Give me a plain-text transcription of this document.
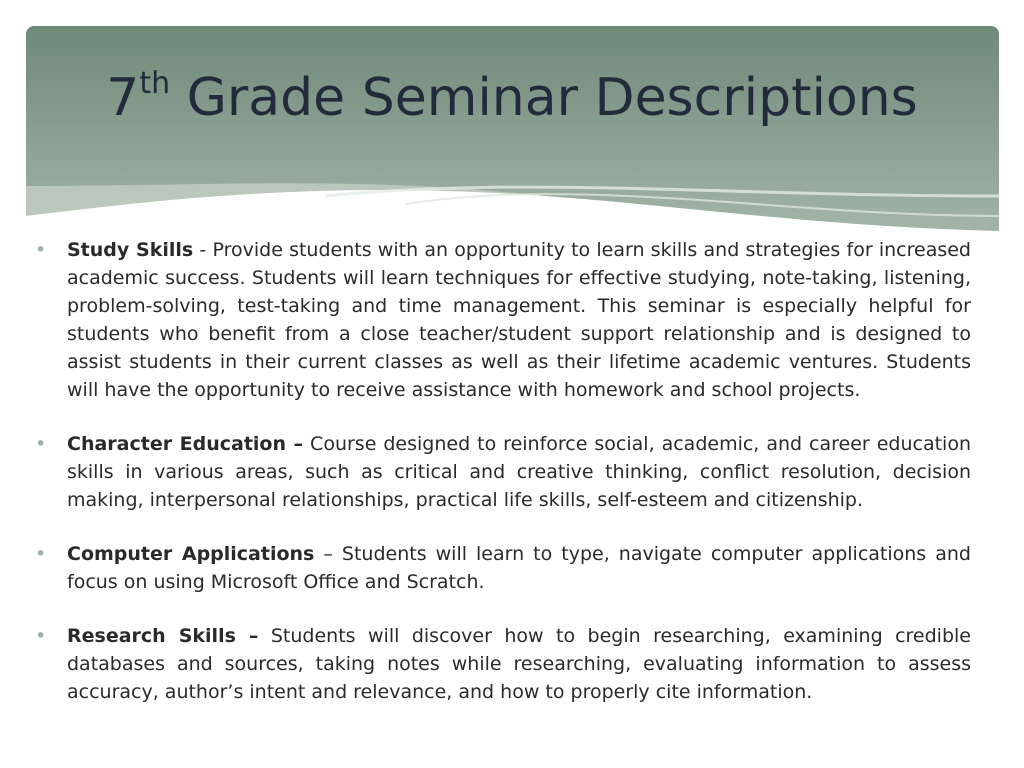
7th Grade Seminar Descriptions
• Study Skills - Provide students with an opportunity to learn skills and strategies for increased academic success. Students will learn techniques for effective studying, note-taking, listening, problem-solving, test-taking and time management. This seminar is especially helpful for students who benefit from a close teacher/student support relationship and is designed to assist students in their current classes as well as their lifetime academic ventures. Students will have the opportunity to receive assistance with homework and school projects.
• Character Education – Course designed to reinforce social, academic, and career education skills in various areas, such as critical and creative thinking, conflict resolution, decision making, interpersonal relationships, practical life skills, self-esteem and citizenship.
• Computer Applications – Students will learn to type, navigate computer applications and focus on using Microsoft Office and Scratch.
• Research Skills – Students will discover how to begin researching, examining credible databases and sources, taking notes while researching, evaluating information to assess accuracy, author’s intent and relevance, and how to properly cite information.
